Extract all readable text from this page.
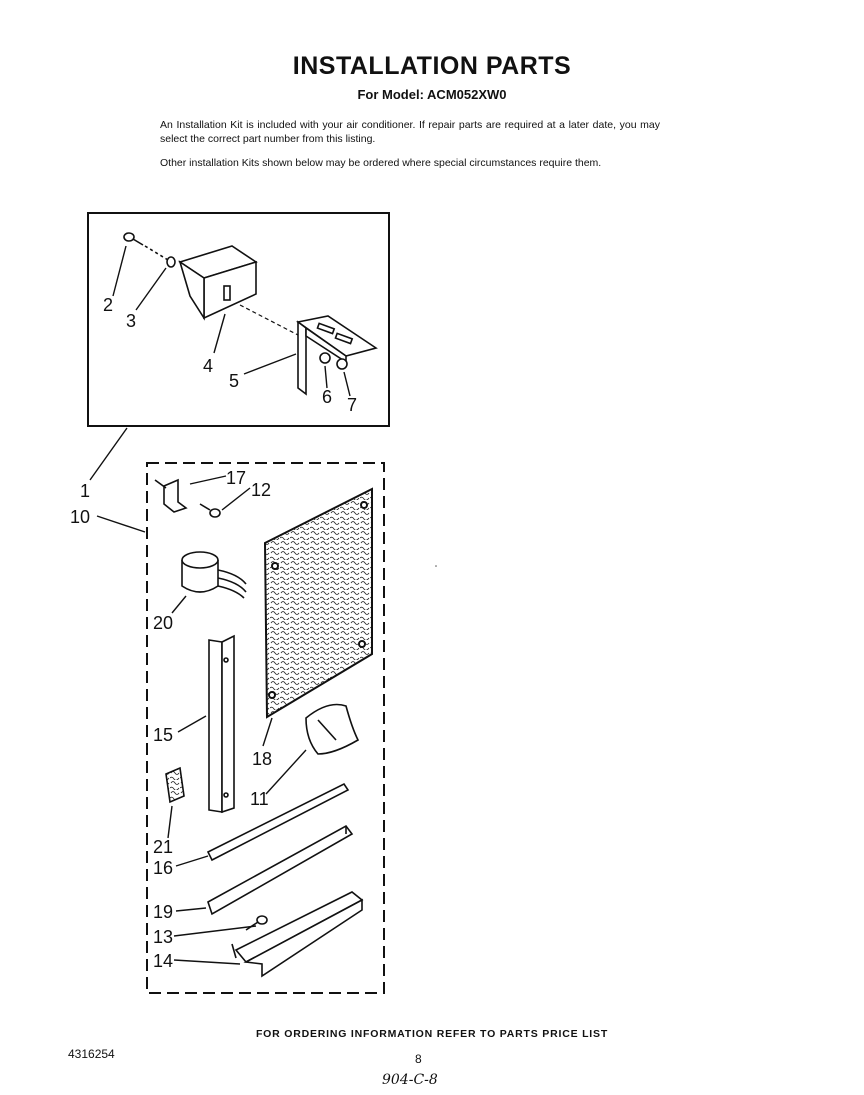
INSTALLATION PARTS
For Model: ACM052XW0
An Installation Kit is included with your air conditioner. If repair parts are required at a later date, you may select the correct part number from this listing.
Other installation Kits shown below may be ordered where special circumstances require them.
1
2
3
4
5
6 7
10
17
12
20
15
18
11
21
16
19
13
14
FOR ORDERING INFORMATION REFER TO PARTS PRICE LIST
4316254	8
904-C-8
